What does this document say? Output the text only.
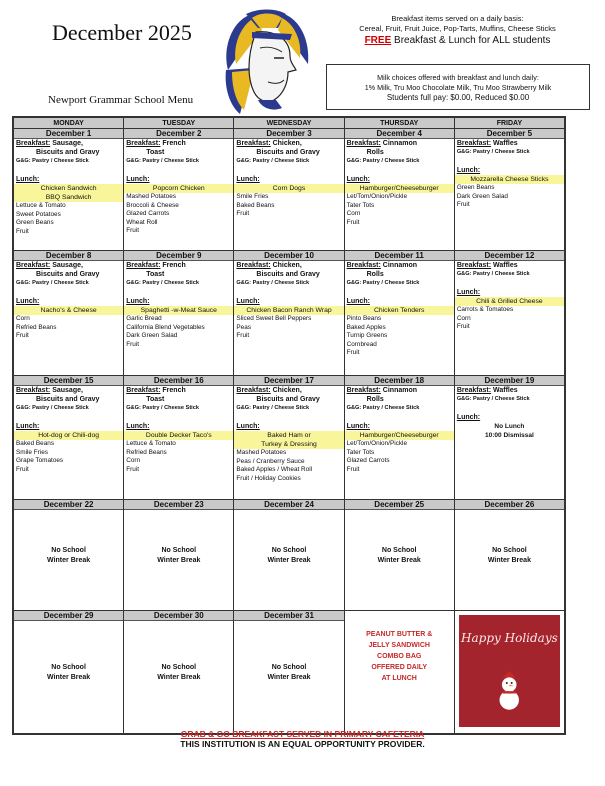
December 2025
Newport Grammar School Menu
Breakfast items served on a daily basis:
Cereal, Fruit, Fruit Juice, Pop-Tarts, Muffins, Cheese Sticks
FREE Breakfast & Lunch for ALL students
Milk choices offered with breakfast and lunch daily:
1% Milk, Tru Moo Chocolate Milk, Tru Moo Strawberry Milk
Students full pay: $0.00, Reduced $0.00
MONDAY	TUESDAY	WEDNESDAY	THURSDAY	FRIDAY
December 1
Breakfast: Sausage,
Biscuits and Gravy
G&G: Pastry / Cheese Stick
Lunch:
Chicken Sandwich
BBQ Sandwich
Lettuce & Tomato
Sweet Potatoes
Green Beans
Fruit
December 2
Breakfast: French
Toast
G&G: Pastry / Cheese Stick
Lunch:
Popcorn Chicken
Mashed Potatoes
Broccoli & Cheese
Glazed Carrots
Wheat Roll
Fruit
December 3
Breakfast: Chicken,
Biscuits and Gravy
G&G: Pastry / Cheese Stick
Lunch:
Corn Dogs
Smile Fries
Baked Beans
Fruit
December 4
Breakfast: Cinnamon
Rolls
G&G: Pastry / Cheese Stick
Lunch:
Hamburger/Cheeseburger
Let/Tom/Onion/Pickle
Tater Tots
Corn
Fruit
December 5
Breakfast: Waffles
G&G: Pastry / Cheese Stick
Lunch:
Mozzarella Cheese Sticks
Green Beans
Dark Green Salad
Fruit
December 8
Breakfast: Sausage,
Biscuits and Gravy
G&G: Pastry / Cheese Stick
Lunch:
Nacho's & Cheese
Corn
Refried Beans
Fruit
December 9
Breakfast: French
Toast
G&G: Pastry / Cheese Stick
Lunch:
Spaghetti -w-Meat Sauce
Garlic Bread
California Blend Vegetables
Dark Green Salad
Fruit
December 10
Breakfast: Chicken,
Biscuits and Gravy
G&G: Pastry / Cheese Stick
Lunch:
Chicken Bacon Ranch Wrap
Sliced Sweet Bell Peppers
Peas
Fruit
December 11
Breakfast: Cinnamon
Rolls
G&G: Pastry / Cheese Stick
Lunch:
Chicken Tenders
Pinto Beans
Baked Apples
Turnip Greens
Cornbread
Fruit
December 12
Breakfast: Waffles
G&G: Pastry / Cheese Stick
Lunch:
Chili & Grilled Cheese
Carrots & Tomatoes
Corn
Fruit
December 15
Breakfast: Sausage,
Biscuits and Gravy
G&G: Pastry / Cheese Stick
Lunch:
Hot-dog or Chili-dog
Baked Beans
Smile Fries
Grape Tomatoes
Fruit
December 16
Breakfast: French
Toast
G&G: Pastry / Cheese Stick
Lunch:
Double Decker Taco's
Lettuce & Tomato
Refried Beans
Corn
Fruit
December 17
Breakfast: Chicken,
Biscuits and Gravy
G&G: Pastry / Cheese Stick
Lunch:
Baked Ham or
Turkey & Dressing
Mashed Potatoes
Peas / Cranberry Sauce
Baked Apples / Wheat Roll
Fruit / Holiday Cookies
December 18
Breakfast: Cinnamon
Rolls
G&G: Pastry / Cheese Stick
Lunch:
Hamburger/Cheeseburger
Let/Tom/Onion/Pickle
Tater Tots
Glazed Carrots
Fruit
December 19
Breakfast: Waffles
G&G: Pastry / Cheese Stick
Lunch:
No Lunch
10:00 Dismissal
December 22
No School
Winter Break
December 23
No School
Winter Break
December 24
No School
Winter Break
December 25
No School
Winter Break
December 26
No School
Winter Break
December 29
No School
Winter Break
December 30
No School
Winter Break
December 31
No School
Winter Break
PEANUT BUTTER &
JELLY SANDWICH
COMBO BAG
OFFERED DAILY
AT LUNCH
Happy Holidays
GRAB & GO BREAKFAST SERVED IN PRIMARY CAFETERIA
THIS INSTITUTION IS AN EQUAL OPPORTUNITY PROVIDER.
